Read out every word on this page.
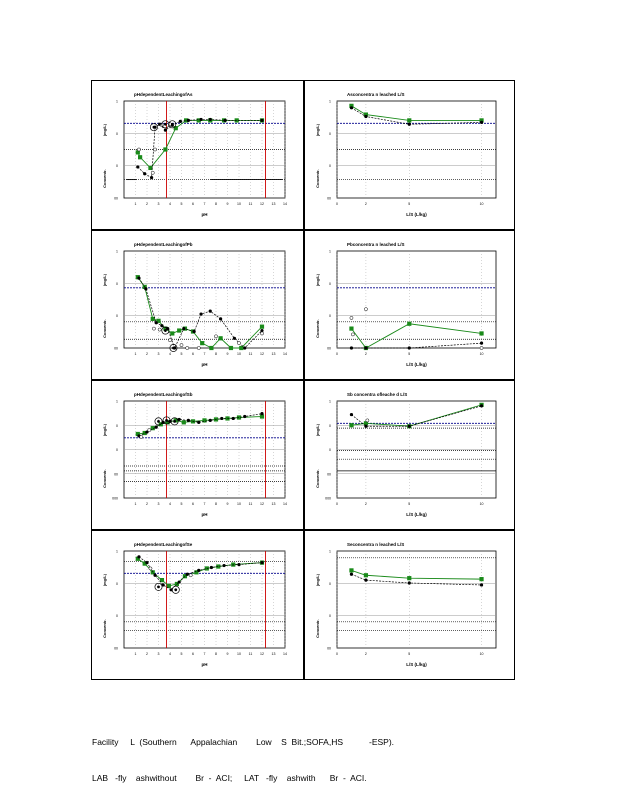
pHdependentLeachingofAs
1
0
0
00
1	2	3	4	5	6	7	8	9 10 11 12 13 14
pH
Concentr.
(mg/L)
Asconcentra n leached L/S
1
0
0
00
0	2	5	10
L/S (L/kg)
Concentr.
(mg/L)
pHdependentLeachingofPb
1
0
0
00
1	2	3	4	5	6	7	8	9 10 11 12 13 14
pH
Concentr.
(mg/L)
Pbconcentra n leached L/S
1
0
0
00
0	2	5	10
L/S (L/kg)
Concentr.
(mg/L)
pHdependentLeachingofSb
1
0
0
00
000
1	2	3	4	5	6	7	8	9 10 11 12 13 14
pH
Concentr.
(mg/L)
Sb concentra ofleache d L/S
1
0
0
00
000
0	2	5	10
L/S (L/kg)
Concentr.
(mg/L)
pHdependentLeachingofSe
1
0
0
00
1	2	3	4	5	6	7	8	9 10 11 12 13 14
pH
Concentr.
(mg/L)
Seconcentra n leached L/S
1
0
0
00
0	2	5	10
L/S (L/kg)
Concentr.
(mg/L)

Facility     L  (Southern      Appalachian        Low    S  Bit.;SOFA,HS           -ESP).

LAB   -fly    ashwithout        Br  -  ACI;     LAT   -fly    ashwith      Br  -  ACI.
